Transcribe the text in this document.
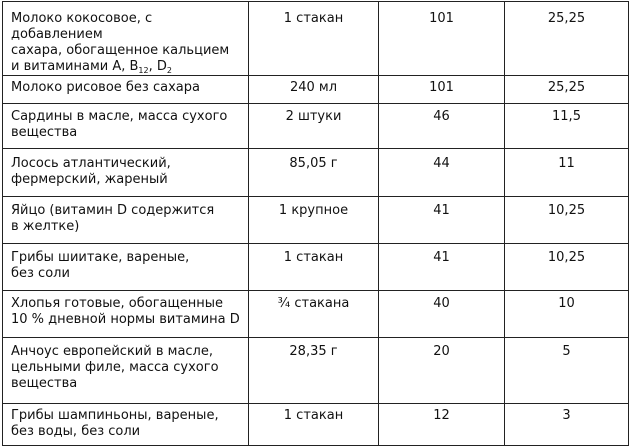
Молоко кокосовое, с добавлением
сахара, обогащенное кальцием
и витаминами А, $В_{12}$, $D_2$	1 стакан	101	25,25
Молоко рисовое без сахара	240 мл	101	25,25
Сардины в масле, масса сухого
вещества	2 штуки	46	11,5
Лосось атлантический,
фермерский, жареный	85,05 г	44	11
Яйцо (витамин D содержится
в желтке)	1 крупное	41	10,25
Грибы шиитаке, вареные,
без соли	1 стакан	41	10,25
Хлопья готовые, обогащенные
10 % дневной нормы витамина D	¾ стакана	40	10
Анчоус европейский в масле,
цельными филе, масса сухого
вещества	28,35 г	20	5
Грибы шампиньоны, вареные,
без воды, без соли	1 стакан	12	3
